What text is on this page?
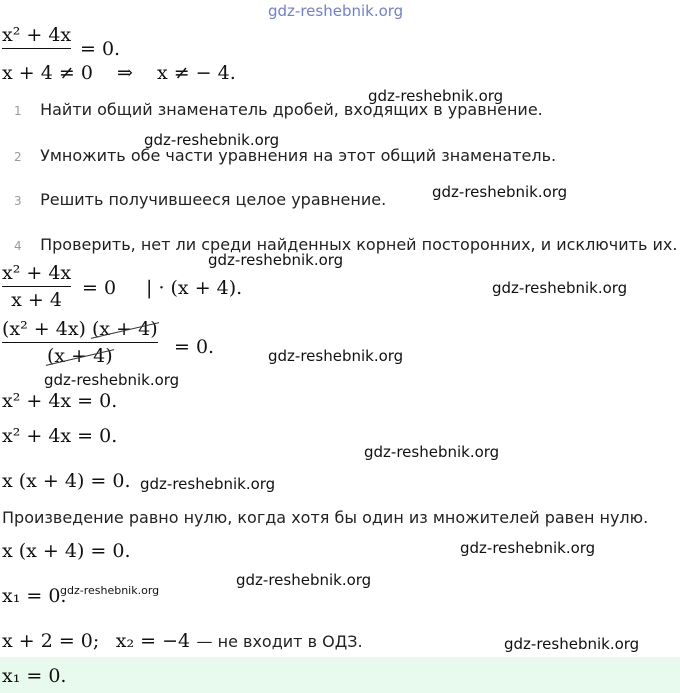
gdz-reshebnik.org
x² + 4x
= 0.
x + 4 ≠ 0 ⇒ x ≠ − 4.
1 Найти общий знаменатель дробей, входящих в уравнение.
2 Умножить обе части уравнения на этот общий знаменатель.
3 Решить получившееся целое уравнение.
4 Проверить, нет ли среди найденных корней посторонних, и исключить их.
x² + 4x
x + 4
= 0 | · (x + 4).
(x² + 4x) (x + 4)
(x + 4)	= 0.
x² + 4x = 0.
x² + 4x = 0.
x (x + 4) = 0.
Произведение равно нулю, когда хотя бы один из множителей равен нулю.
x (x + 4) = 0.
x₁ = 0.
x + 2 = 0; x₂ = −4 — не входит в ОДЗ.
x₁ = 0.
gdz-reshebnik.org
gdz-reshebnik.org
gdz-reshebnik.org
gdz-reshebnik.org
gdz-reshebnik.org
gdz-reshebnik.org
gdz-reshebnik.org
gdz-reshebnik.org
gdz-reshebnik.org
gdz-reshebnik.org
gdz-reshebnik.org
gdz-reshebnik.org
gdz-reshebnik.org
